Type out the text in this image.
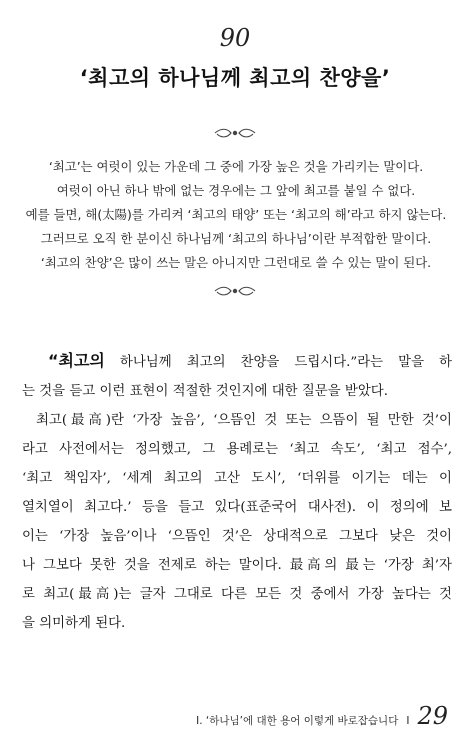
90
‘최고의 하나님께 최고의 찬양을’
‘최고’는 여럿이 있는 가운데 그 중에 가장 높은 것을 가리키는 말이다.
여럿이 아닌 하나 밖에 없는 경우에는 그 앞에 최고를 붙일 수 없다.
예를 들면, 해(太陽)를 가리켜 ‘최고의 태양’ 또는 ‘최고의 해’라고 하지 않는다.
그러므로 오직 한 분이신 하나님께 ‘최고의 하나님’이란 부적합한 말이다.
‘최고의 찬양’은 많이 쓰는 말은 아니지만 그런대로 쓸 수 있는 말이 된다.
“최고의 하나님께 최고의 찬양을 드립시다.”라는 말을 하
는 것을 듣고 이런 표현이 적절한 것인지에 대한 질문을 받았다.
최고(最高)란 ‘가장 높음’, ‘으뜸인 것 또는 으뜸이 될 만한 것’이
라고 사전에서는 정의했고, 그 용례로는 ‘최고 속도’, ‘최고 점수’,
‘최고 책임자’, ‘세계 최고의 고산 도시’, ‘더위를 이기는 데는 이
열치열이 최고다.’ 등을 들고 있다(표준국어 대사전). 이 정의에 보
이는 ‘가장 높음’이나 ‘으뜸인 것’은 상대적으로 그보다 낮은 것이
나 그보다 못한 것을 전제로 하는 말이다. 最高의 最는 ‘가장 최’자
로 최고(最高)는 글자 그대로 다른 모든 것 중에서 가장 높다는 것
을 의미하게 된다.
I. ‘하나님’에 대한 용어 이렇게 바로잡습니다 I 29
